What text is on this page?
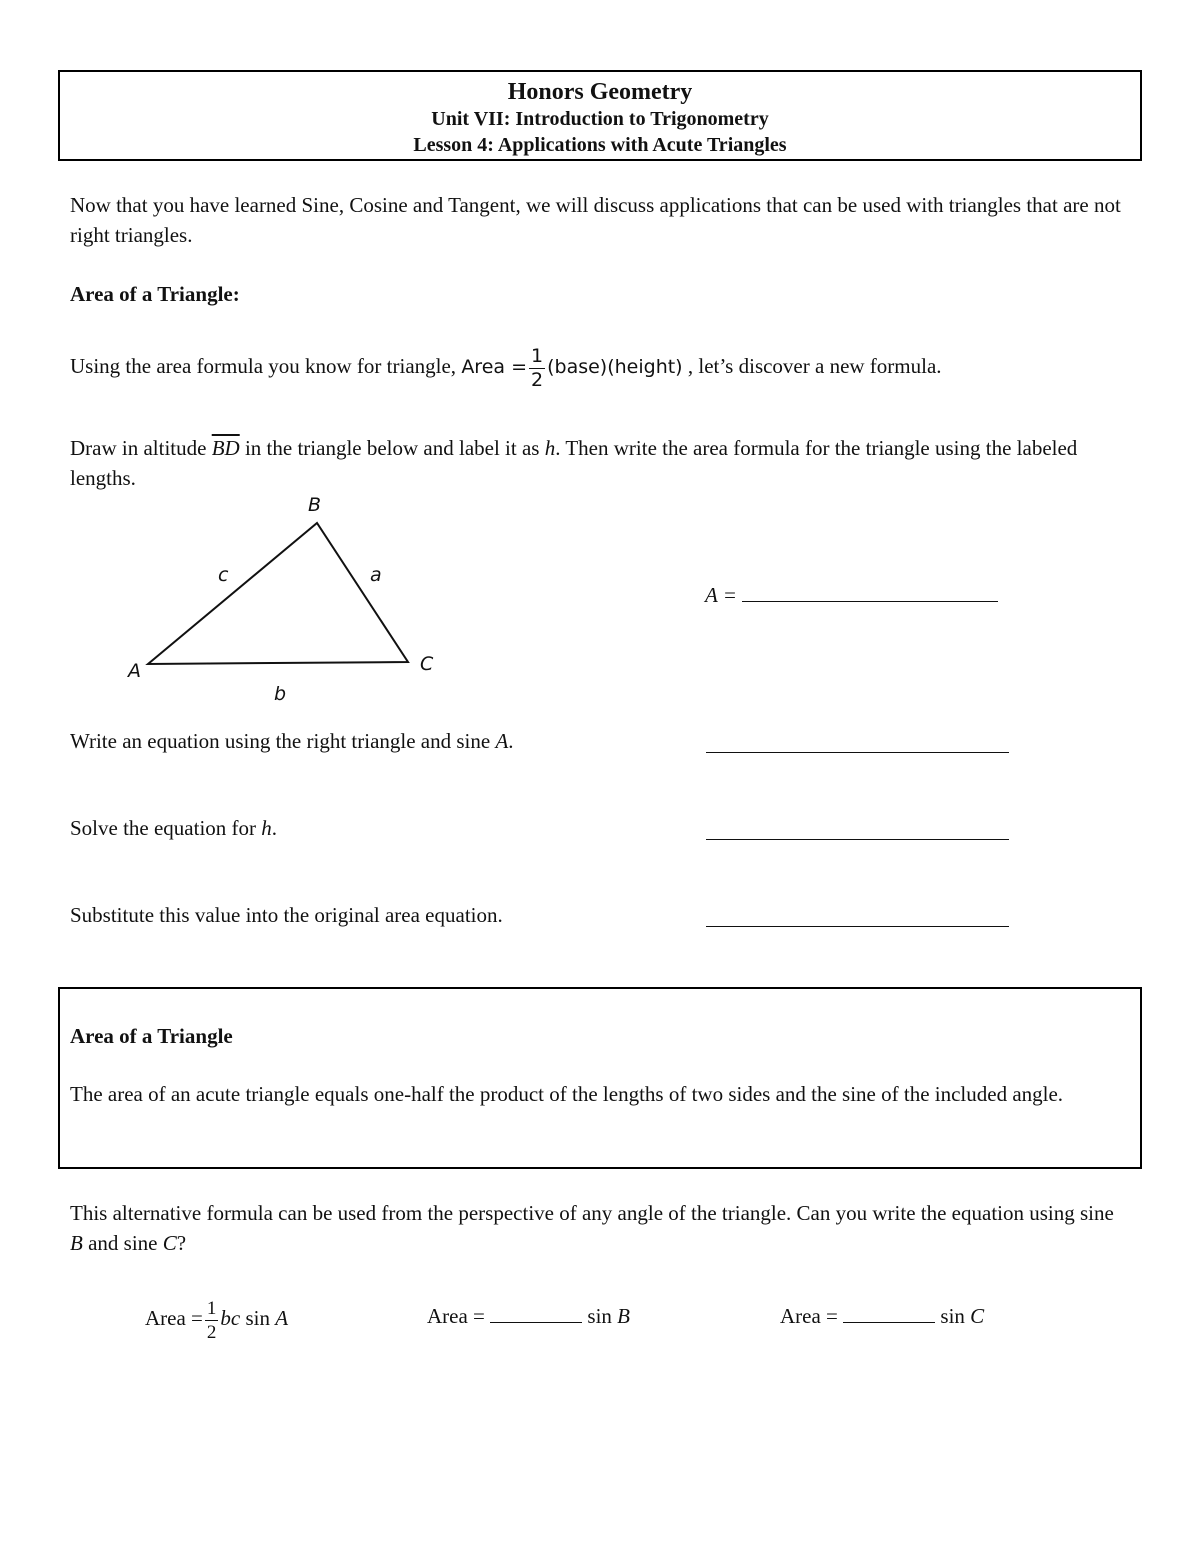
Honors Geometry
Unit VII: Introduction to Trigonometry
Lesson 4: Applications with Acute Triangles
Now that you have learned Sine, Cosine and Tangent, we will discuss applications that can be used with triangles that are not right triangles.
Area of a Triangle:
Using the area formula you know for triangle, Area = $\frac{1}{2}$ (base)(height) , let’s discover a new formula.
Draw in altitude $\overline{BD}$ in the triangle below and label it as h. Then write the area formula for the triangle using the labeled lengths.
B
A	C
c	a
b
A =
Write an equation using the right triangle and sine A.
Solve the equation for h.
Substitute this value into the original area equation.
Area of a Triangle
The area of an acute triangle equals one-half the product of the lengths of two sides and the sine of the included angle.
This alternative formula can be used from the perspective of any angle of the triangle. Can you write the equation using sine B and sine C?
Area = $\frac{1}{2}$ bc sin A	Area =	sin B	Area =	sin C
